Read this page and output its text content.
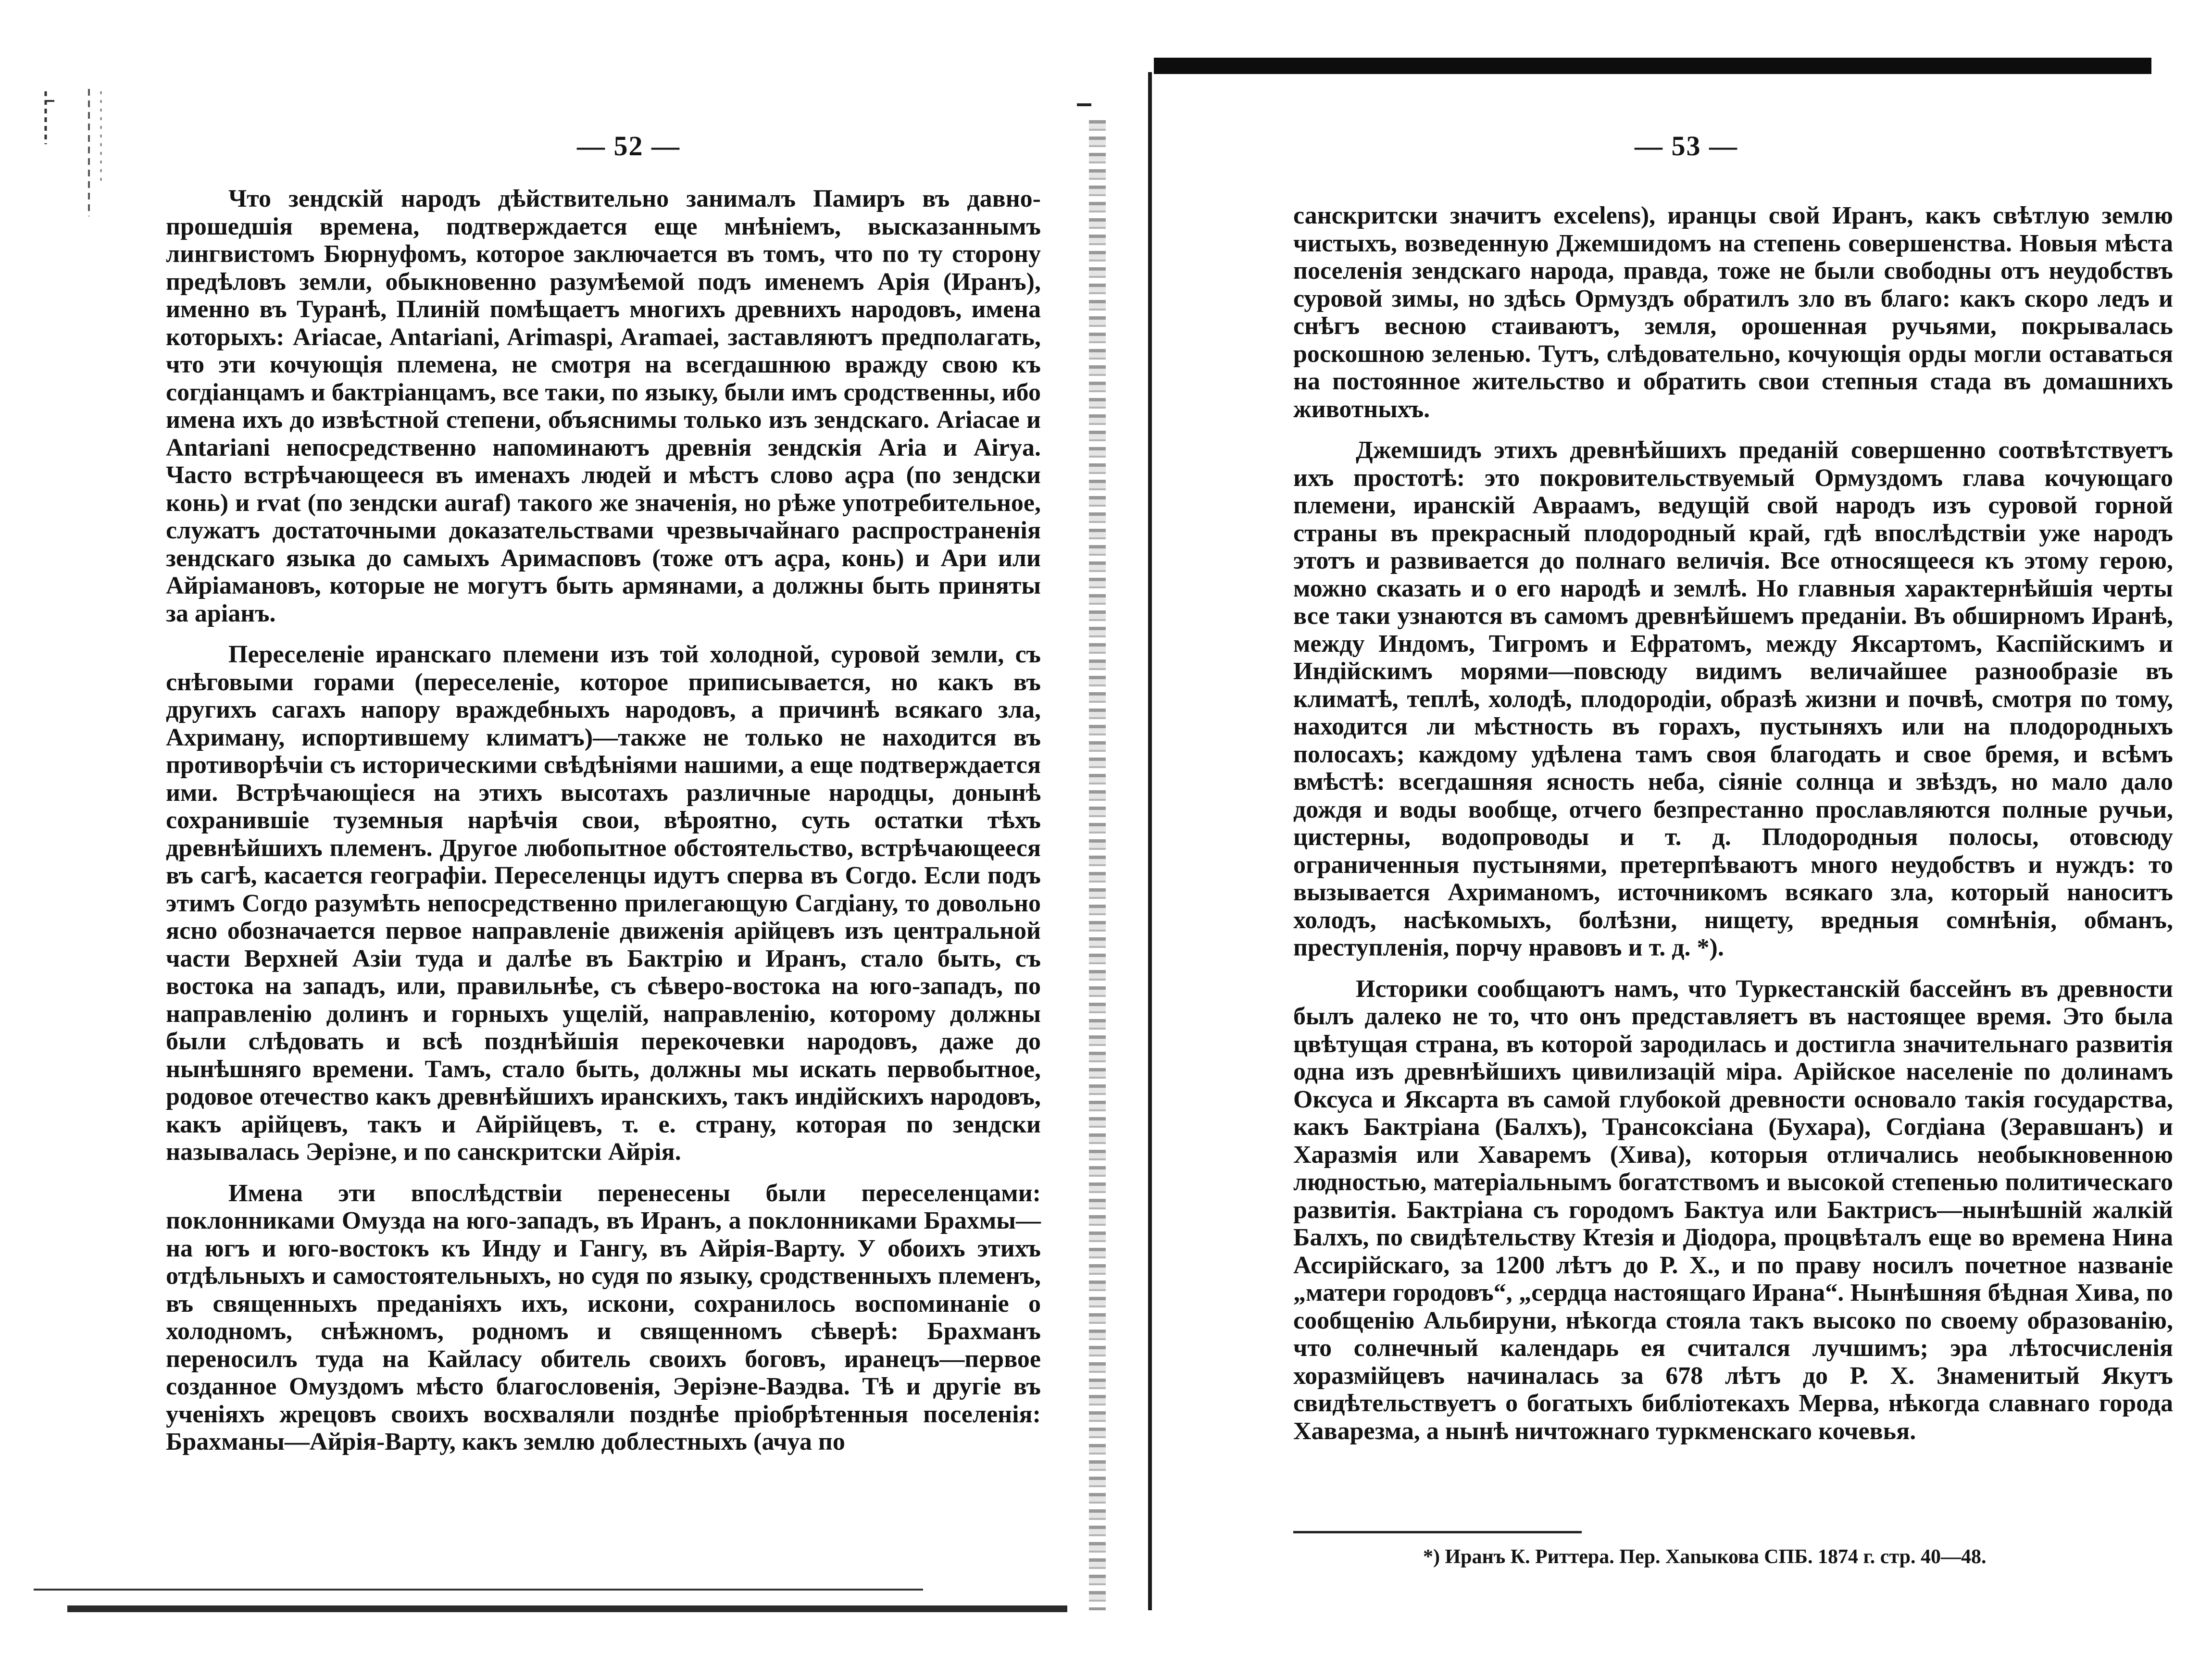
— 52 —

Что зендскій народъ дѣйствительно занималъ Памиръ въ давно-прошедшія времена, подтверждается еще мнѣніемъ, высказаннымъ лингвистомъ Бюрнуфомъ, которое заключается въ томъ, что по ту сторону предѣловъ земли, обыкновенно разумѣемой подъ именемъ Арія (Иранъ), именно въ Туранѣ, Плиній помѣщаетъ многихъ древнихъ народовъ, имена которыхъ: Ariacae, Antariani, Arimaspi, Aramaei, заставляютъ предполагать, что эти кочующія племена, не смотря на всегдашнюю вражду свою къ согдіанцамъ и бактріанцамъ, все таки, по языку, были имъ сродственны, ибо имена ихъ до извѣстной степени, объяснимы только изъ зендскаго. Ariacae и Antariani непосредственно напоминаютъ древнія зендскія Aria и Airya. Часто встрѣчающееся въ именахъ людей и мѣстъ слово аçра (по зендски конь) и rvat (по зендски auraf) такого же значенія, но рѣже употребительное, служатъ достаточными доказательствами чрезвычайнаго распространенія зендскаго языка до самыхъ Аримасповъ (тоже отъ аçра, конь) и Ари или Айріамановъ, которые не могутъ быть армянами, а должны быть приняты за аріанъ.

Переселеніе иранскаго племени изъ той холодной, суровой земли, съ снѣговыми горами (переселеніе, которое приписывается, но какъ въ другихъ сагахъ напору враждебныхъ народовъ, а причинѣ всякаго зла, Ахриману, испортившему климатъ)—также не только не находится въ противорѣчіи съ историческими свѣдѣніями нашими, а еще подтверждается ими. Встрѣчающіеся на этихъ высотахъ различные народцы, донынѣ сохранившіе туземныя нарѣчія свои, вѣроятно, суть остатки тѣхъ древнѣйшихъ племенъ. Другое любопытное обстоятельство, встрѣчающееся въ сагѣ, касается географіи. Переселенцы идутъ сперва въ Согдо. Если подъ этимъ Согдо разумѣть непосредственно прилегающую Сагдіану, то довольно ясно обозначается первое направленіе движенія арійцевъ изъ центральной части Верхней Азіи туда и далѣе въ Бактрію и Иранъ, стало быть, съ востока на западъ, или, правильнѣе, съ сѣверо-востока на юго-западъ, по направленію долинъ и горныхъ ущелій, направленію, которому должны были слѣдовать и всѣ позднѣйшія перекочевки народовъ, даже до нынѣшняго времени. Тамъ, стало быть, должны мы искать первобытное, родовое отечество какъ древнѣйшихъ иранскихъ, такъ индійскихъ народовъ, какъ арійцевъ, такъ и Айрійцевъ, т. е. страну, которая по зендски называлась Эеріэне, и по санскритски Айрія.

Имена эти впослѣдствіи перенесены были переселенцами: поклонниками Омузда на юго-западъ, въ Иранъ, а поклонниками Брахмы—на югъ и юго-востокъ къ Инду и Гангу, въ Айрія-Варту. У обоихъ этихъ отдѣльныхъ и самостоятельныхъ, но судя по языку, сродственныхъ племенъ, въ священныхъ преданіяхъ ихъ, искони, сохранилось воспоминаніе о холодномъ, снѣжномъ, родномъ и священномъ сѣверѣ: Брахманъ переносилъ туда на Кайласу обитель своихъ боговъ, иранецъ—первое созданное Омуздомъ мѣсто благословенія, Эеріэне-Ваэдва. Тѣ и другіе въ ученіяхъ жрецовъ своихъ восхваляли позднѣе пріобрѣтенныя поселенія: Брахманы—Айрія-Варту, какъ землю доблестныхъ (ачуа по

— 53 —

санскритски значитъ excelens), иранцы свой Иранъ, какъ свѣтлую землю чистыхъ, возведенную Джемшидомъ на степень совершенства. Новыя мѣста поселенія зендскаго народа, правда, тоже не были свободны отъ неудобствъ суровой зимы, но здѣсь Ормуздъ обратилъ зло въ благо: какъ скоро ледъ и снѣгъ весною стаиваютъ, земля, орошенная ручьями, покрывалась роскошною зеленью. Тутъ, слѣдовательно, кочующія орды могли оставаться на постоянное жительство и обратить свои степныя стада въ домашнихъ животныхъ.

Джемшидъ этихъ древнѣйшихъ преданій совершенно соотвѣтствуетъ ихъ простотѣ: это покровительствуемый Ормуздомъ глава кочующаго племени, иранскій Авраамъ, ведущій свой народъ изъ суровой горной страны въ прекрасный плодородный край, гдѣ впослѣдствіи уже народъ этотъ и развивается до полнаго величія. Все относящееся къ этому герою, можно сказать и о его народѣ и землѣ. Но главныя характернѣйшія черты все таки узнаются въ самомъ древнѣйшемъ преданіи. Въ обширномъ Иранѣ, между Индомъ, Тигромъ и Ефратомъ, между Яксартомъ, Каспійскимъ и Индійскимъ морями—повсюду видимъ величайшее разнообразіе въ климатѣ, теплѣ, холодѣ, плодородіи, образѣ жизни и почвѣ, смотря по тому, находится ли мѣстность въ горахъ, пустыняхъ или на плодородныхъ полосахъ; каждому удѣлена тамъ своя благодать и свое бремя, и всѣмъ вмѣстѣ: всегдашняя ясность неба, сіяніе солнца и звѣздъ, но мало дало дождя и воды вообще, отчего безпрестанно прославляются полные ручьи, цистерны, водопроводы и т. д. Плодородныя полосы, отовсюду ограниченныя пустынями, претерпѣваютъ много неудобствъ и нуждъ: то вызывается Ахриманомъ, источникомъ всякаго зла, который наноситъ холодъ, насѣкомыхъ, болѣзни, нищету, вредныя сомнѣнія, обманъ, преступленія, порчу нравовъ и т. д. *).

Историки сообщаютъ намъ, что Туркестанскій бассейнъ въ древности былъ далеко не то, что онъ представляетъ въ настоящее время. Это была цвѣтущая страна, въ которой зародилась и достигла значительнаго развитія одна изъ древнѣйшихъ цивилизацій міра. Арійское населеніе по долинамъ Оксуса и Яксарта въ самой глубокой древности основало такія государства, какъ Бактріана (Балхъ), Трансоксіана (Бухара), Согдіана (Зеравшанъ) и Харазмія или Хаваремъ (Хива), которыя отличались необыкновенною людностью, матеріальнымъ богатствомъ и высокой степенью политическаго развитія. Бактріана съ городомъ Бактуа или Бактрисъ—нынѣшній жалкій Балхъ, по свидѣтельству Ктезія и Діодора, процвѣталъ еще во времена Нина Ассирійскаго, за 1200 лѣтъ до Р. Х., и по праву носилъ почетное названіе „матери городовъ“, „сердца настоящаго Ирана“. Нынѣшняя бѣдная Хива, по сообщенію Альбируни, нѣкогда стояла такъ высоко по своему образованію, что солнечный календарь ея считался лучшимъ; эра лѣтосчисленія хоразмійцевъ начиналась за 678 лѣтъ до Р. Х. Знаменитый Якутъ свидѣтельствуетъ о богатыхъ библіотекахъ Мерва, нѣкогда славнаго города Хаварезма, а нынѣ ничтожнаго туркменскаго кочевья.

*) Иранъ К. Риттера. Пер. Хаnыкова СПБ. 1874 г. стр. 40—48.
